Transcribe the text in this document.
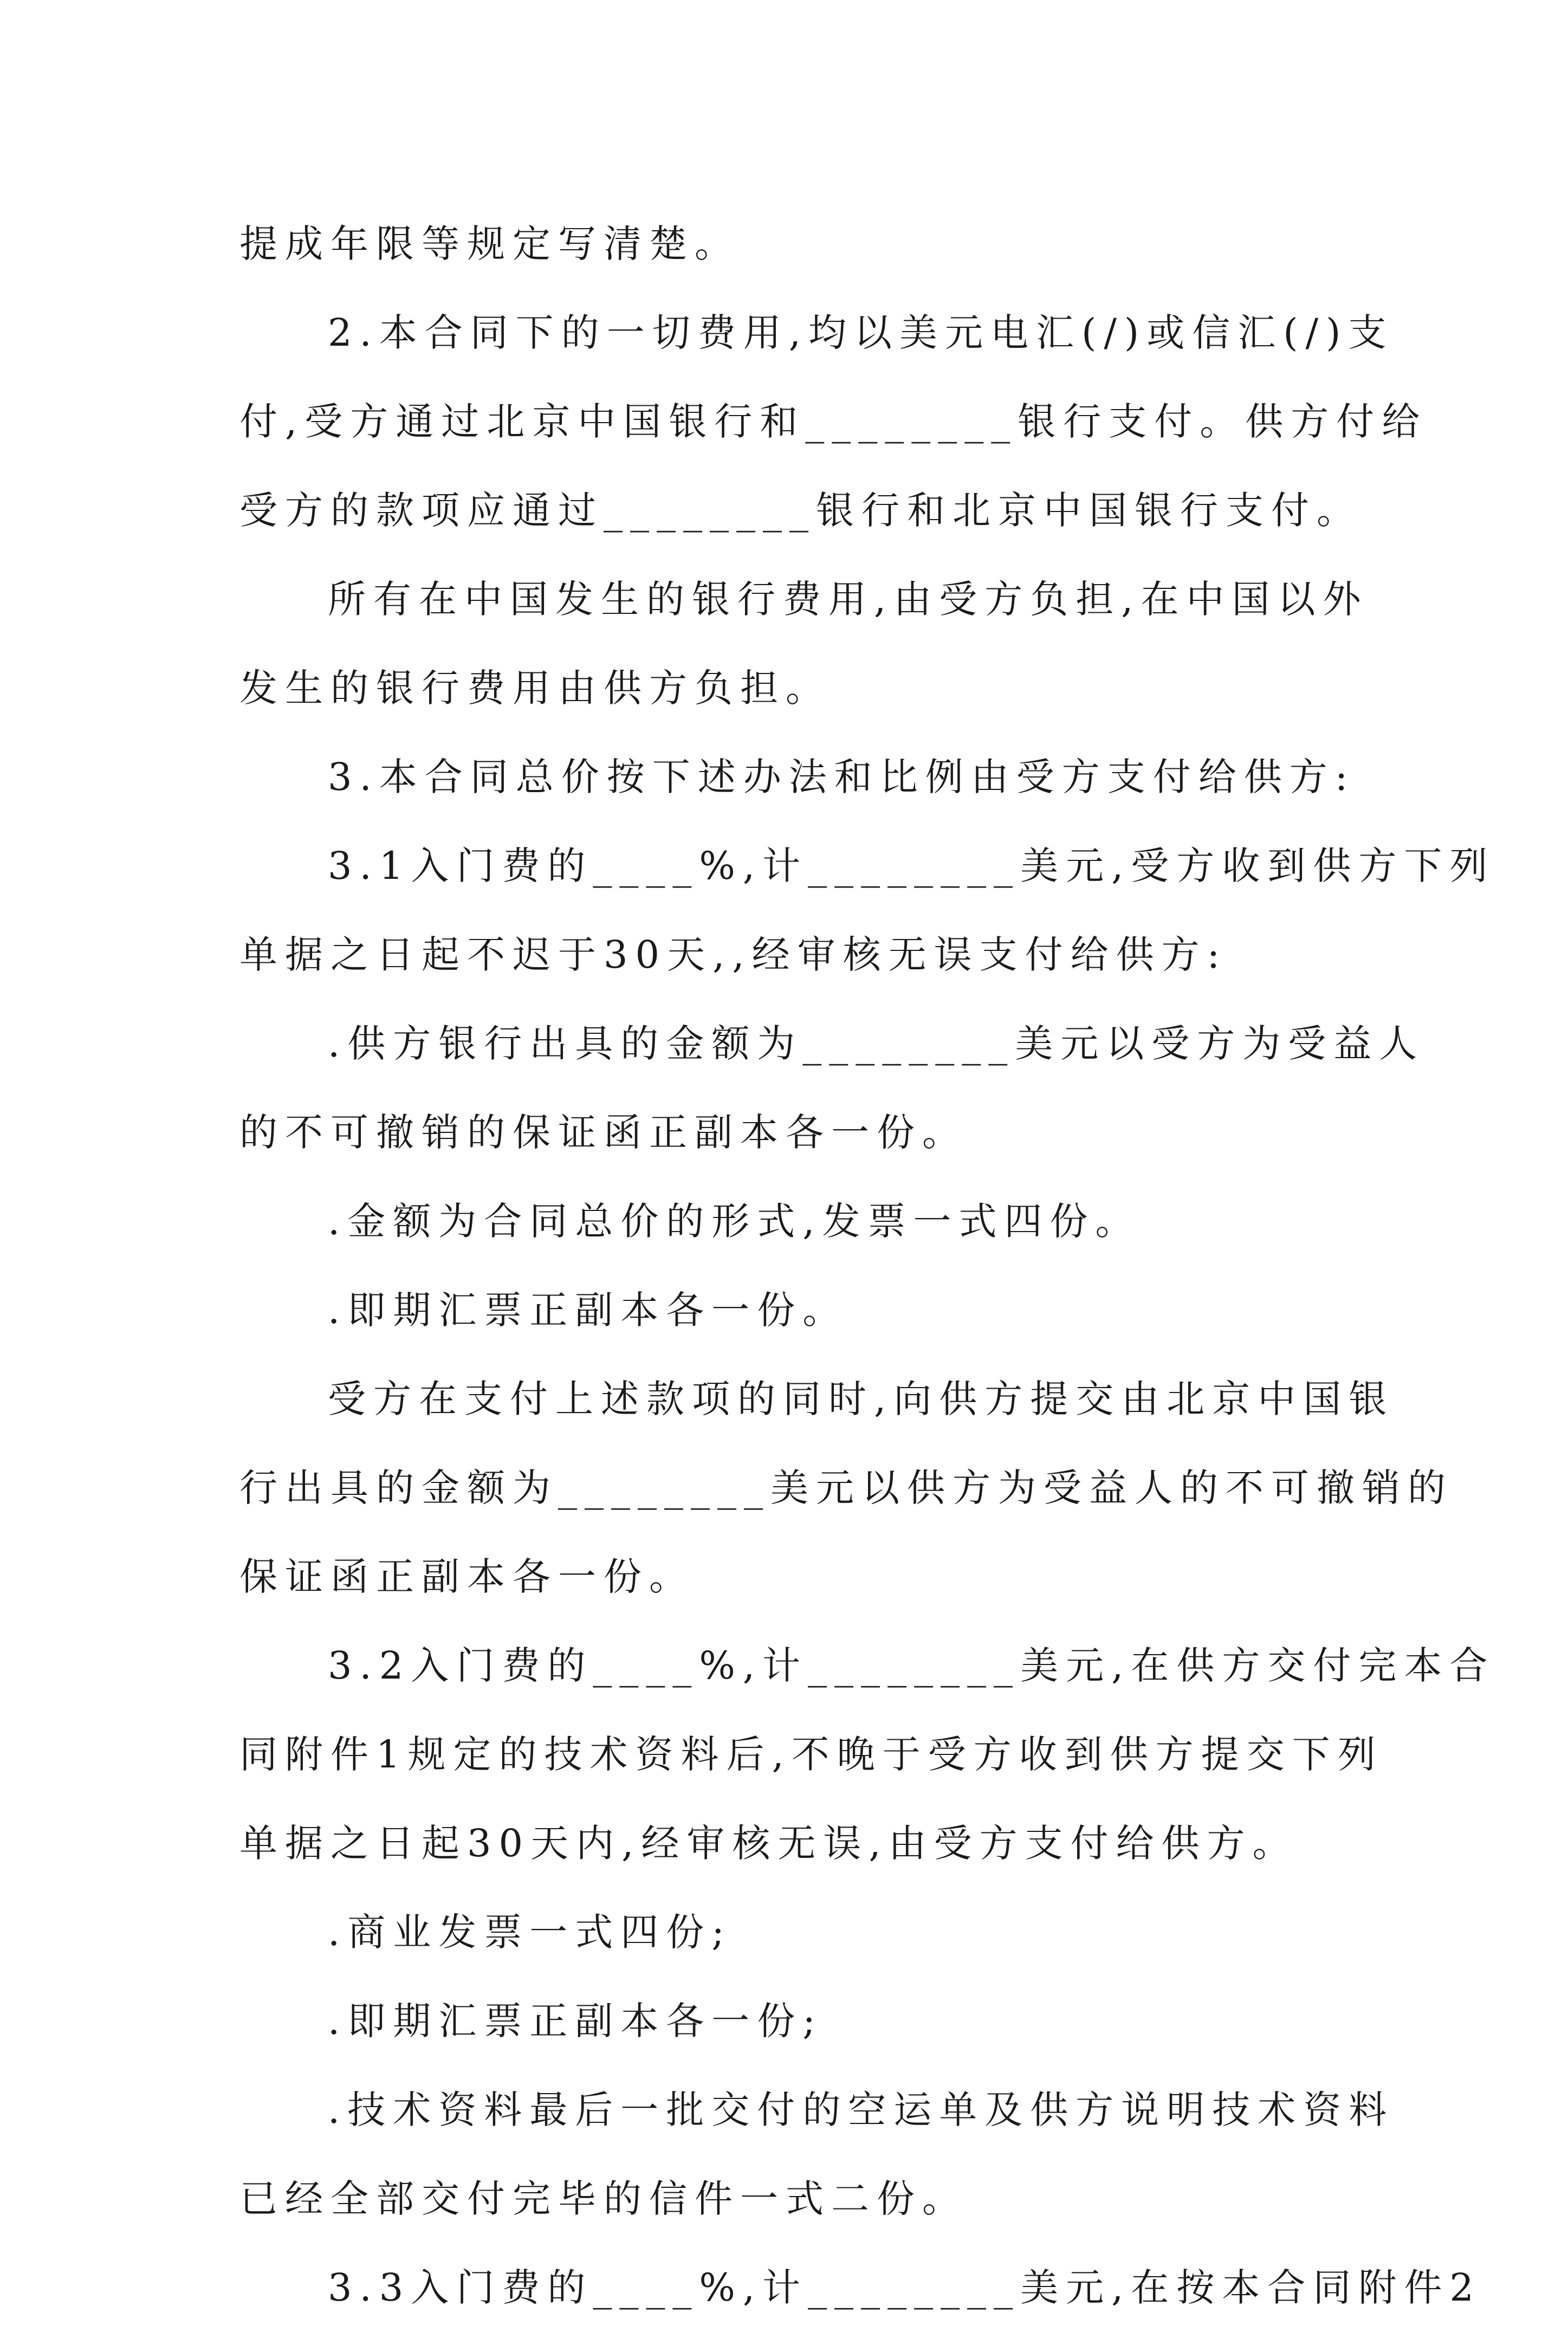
提成年限等规定写清楚。
2.本合同下的一切费用,均以美元电汇(/)或信汇(/)支
付,受方通过北京中国银行和________银行支付。供方付给
受方的款项应通过________银行和北京中国银行支付。
所有在中国发生的银行费用,由受方负担,在中国以外
发生的银行费用由供方负担。
3.本合同总价按下述办法和比例由受方支付给供方:
3.1入门费的____%,计________美元,受方收到供方下列
单据之日起不迟于30天,,经审核无误支付给供方:
.供方银行出具的金额为________美元以受方为受益人
的不可撤销的保证函正副本各一份。
.金额为合同总价的形式,发票一式四份。
.即期汇票正副本各一份。
受方在支付上述款项的同时,向供方提交由北京中国银
行出具的金额为________美元以供方为受益人的不可撤销的
保证函正副本各一份。
3.2入门费的____%,计________美元,在供方交付完本合
同附件1规定的技术资料后,不晚于受方收到供方提交下列
单据之日起30天内,经审核无误,由受方支付给供方。
.商业发票一式四份;
.即期汇票正副本各一份;
.技术资料最后一批交付的空运单及供方说明技术资料
已经全部交付完毕的信件一式二份。
3.3入门费的____%,计________美元,在按本合同附件2
